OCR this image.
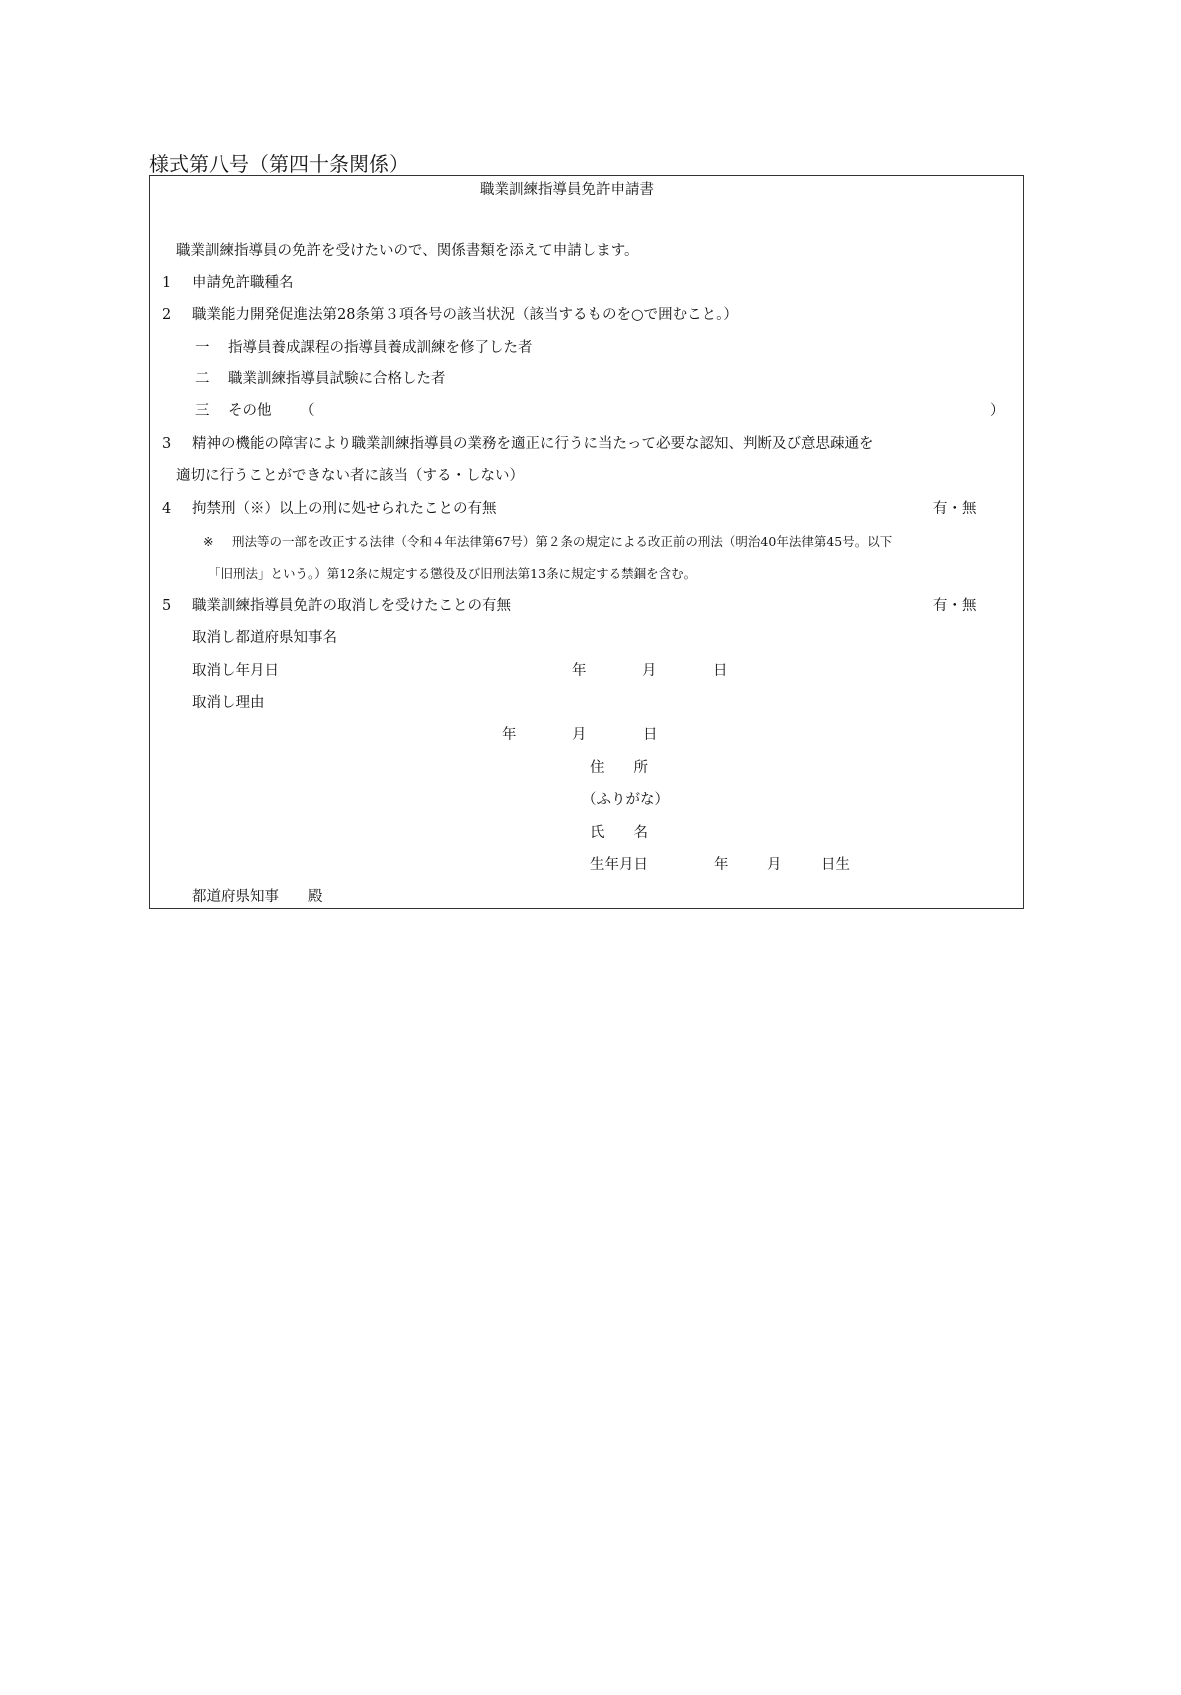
様式第八号（第四十条関係）
職業訓練指導員免許申請書
職業訓練指導員の免許を受けたいので、関係書類を添えて申請します。
1 申請免許職種名
2 職業能力開発促進法第28条第３項各号の該当状況（該当するものを○で囲むこと。）
一 指導員養成課程の指導員養成訓練を修了した者
二 職業訓練指導員試験に合格した者
三 その他 （	）
3 精神の機能の障害により職業訓練指導員の業務を適正に行うに当たって必要な認知、判断及び意思疎通を
適切に行うことができない者に該当（する・しない）
4 拘禁刑（※）以上の刑に処せられたことの有無	有・無
※ 刑法等の一部を改正する法律（令和４年法律第67号）第２条の規定による改正前の刑法（明治40年法律第45号。以下
「旧刑法」という。）第12条に規定する懲役及び旧刑法第13条に規定する禁錮を含む。
5 職業訓練指導員免許の取消しを受けたことの有無	有・無
取消し都道府県知事名
取消し年月日	年	月	日
取消し理由
年	月	日
住　　所
（ふりがな）
氏　　名
生年月日	年	月	日生
都道府県知事　　殿
